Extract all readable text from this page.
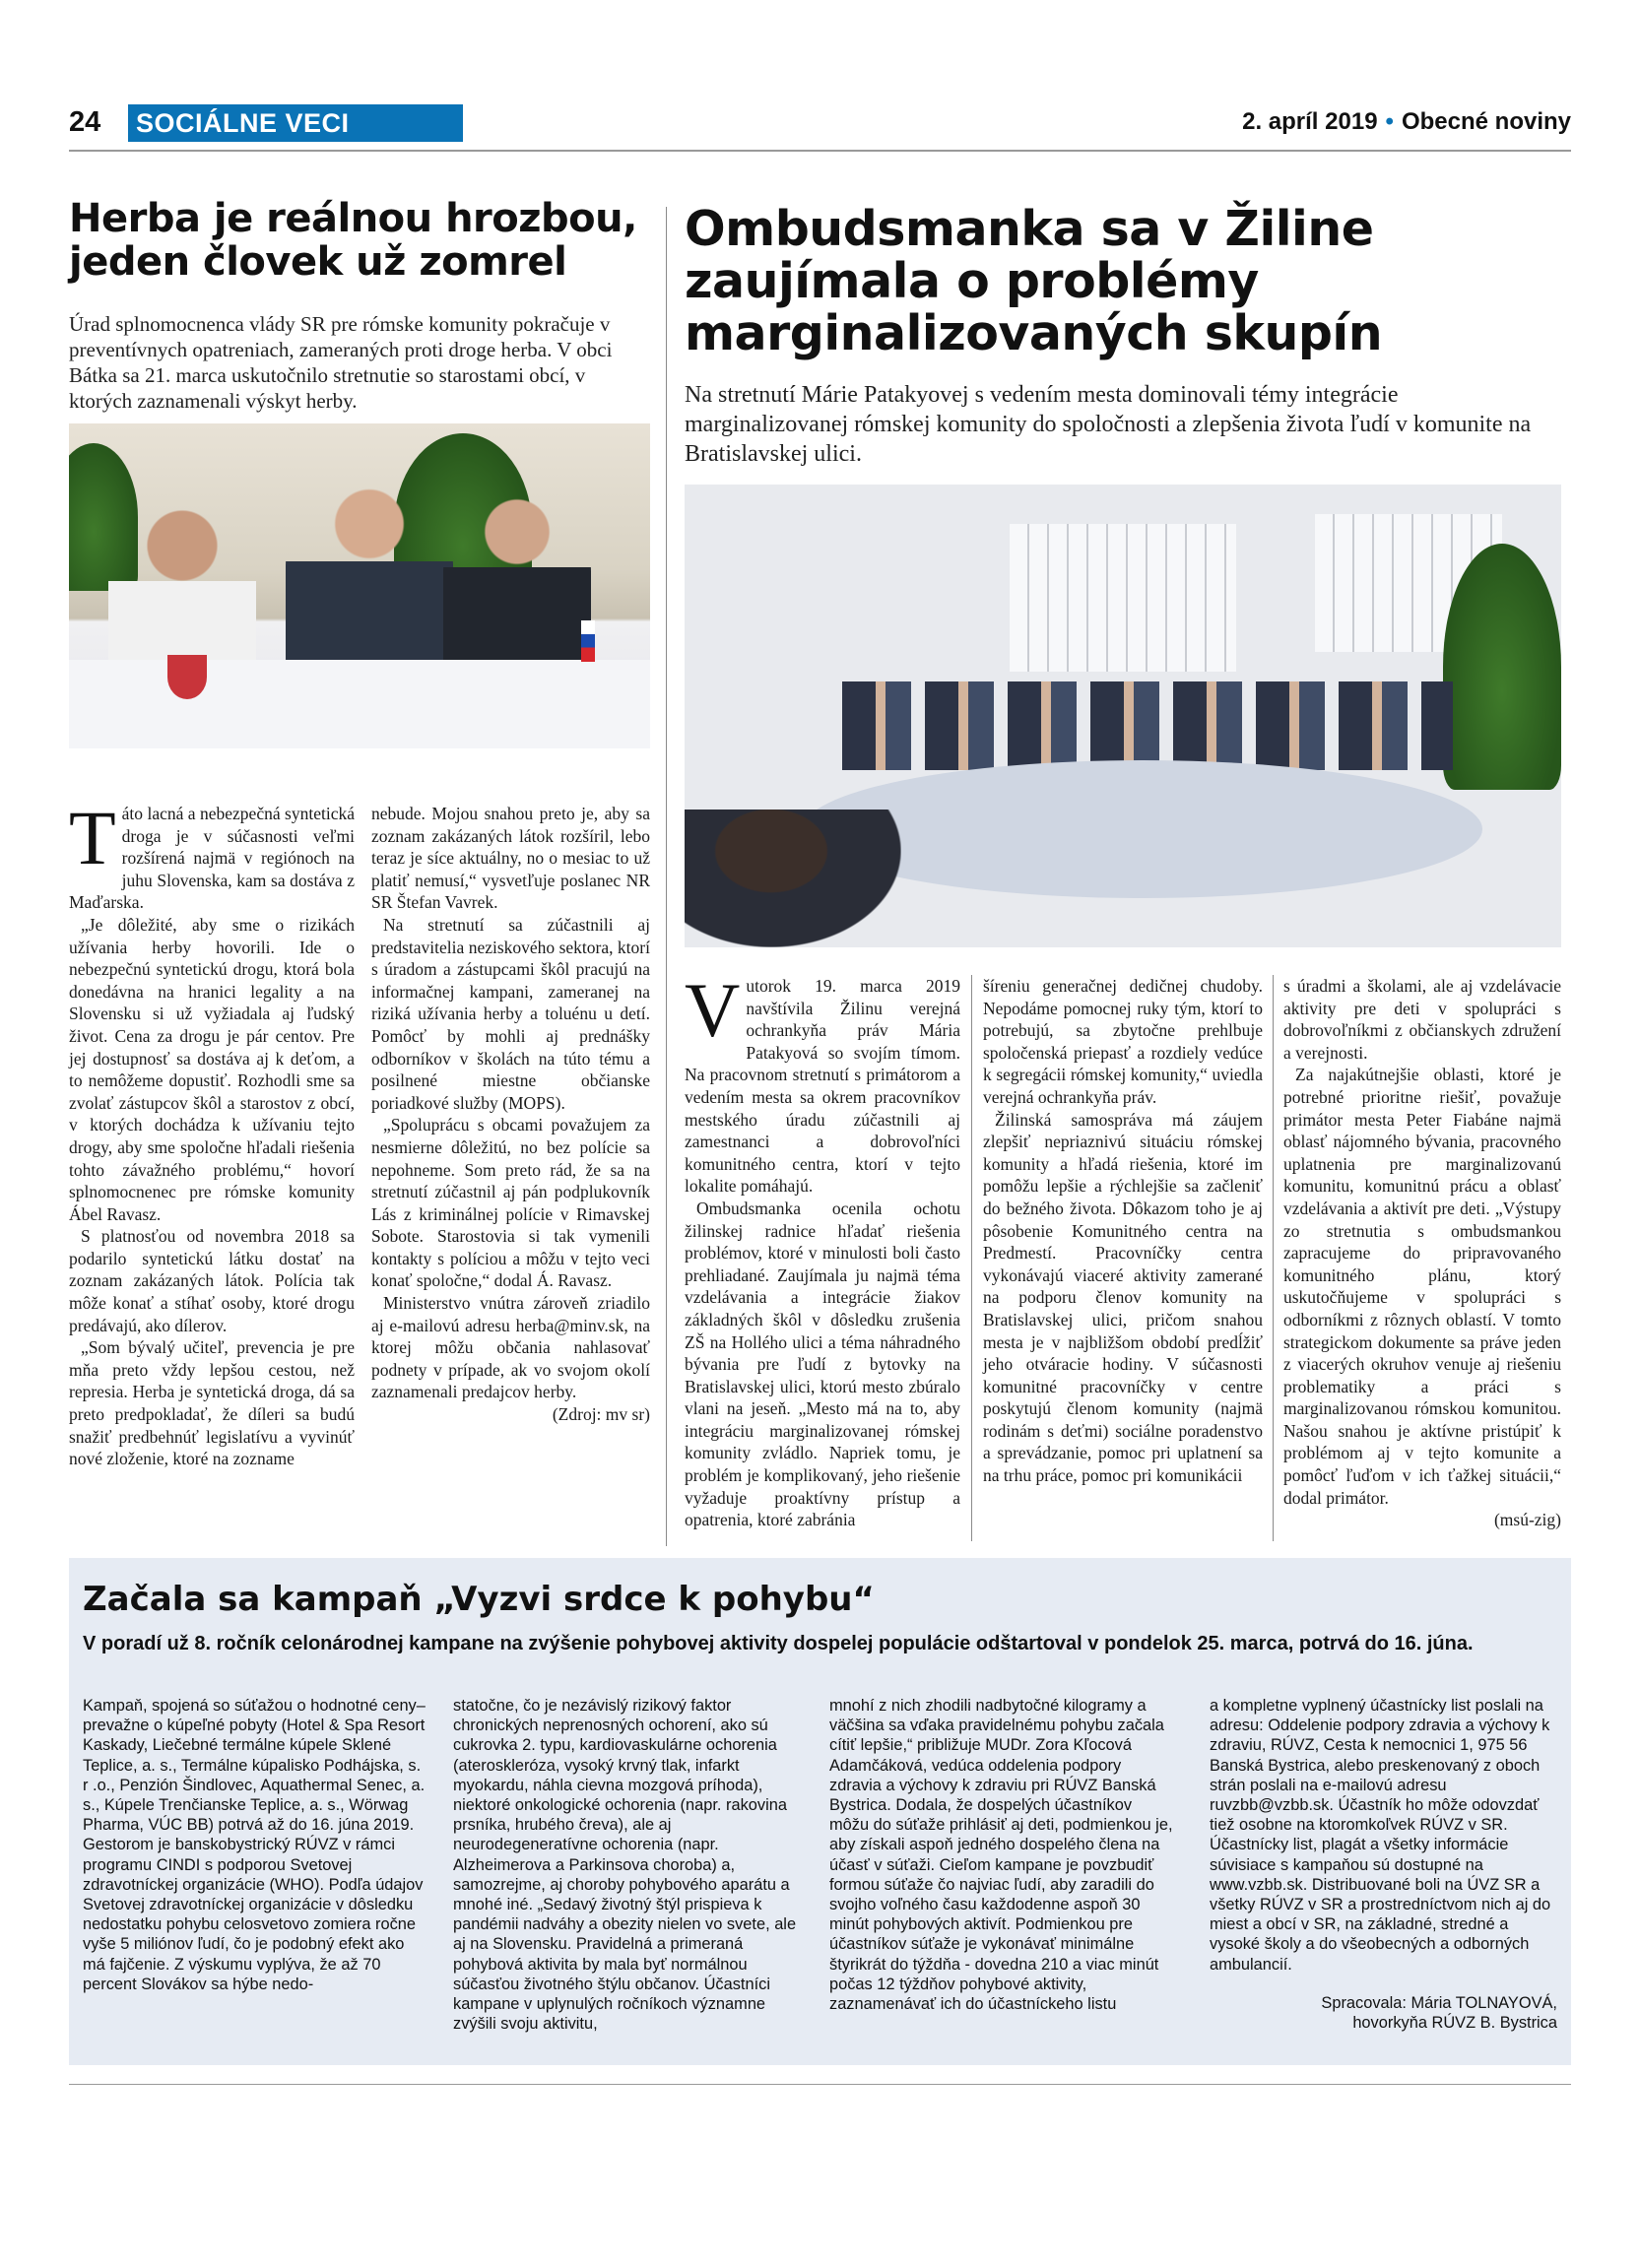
24 SOCIÁLNE VECI	2. apríl 2019 • Obecné noviny
Herba je reálnou hrozbou, jeden človek už zomrel

Úrad splnomocnenca vlády SR pre rómske komunity pokračuje v preventívnych opatreniach, zameraných proti droge herba. V obci Bátka sa 21. marca uskutočnilo stretnutie so starostami obcí, v ktorých zaznamenali výskyt herby.

Táto lacná a nebezpečná syntetická droga je v súčasnosti veľmi rozšírená najmä v regiónoch na juhu Slovenska, kam sa dostáva z Maďarska.

„Je dôležité, aby sme o rizikách užívania herby hovorili. Ide o nebezpečnú syntetickú drogu, ktorá bola donedávna na hranici legality a na Slovensku si už vyžiadala aj ľudský život. Cena za drogu je pár centov. Pre jej dostupnosť sa dostáva aj k deťom, a to nemôžeme dopustiť. Rozhodli sme sa zvolať zástupcov škôl a starostov z obcí, v ktorých dochádza k užívaniu tejto drogy, aby sme spoločne hľadali riešenia tohto závažného problému,“ hovorí splnomocnenec pre rómske komunity Ábel Ravasz.

S platnosťou od novembra 2018 sa podarilo syntetickú látku dostať na zoznam zakázaných látok. Polícia tak môže konať a stíhať osoby, ktoré drogu predávajú, ako dílerov.

„Som bývalý učiteľ, prevencia je pre mňa preto vždy lepšou cestou, než represia. Herba je syntetická droga, dá sa preto predpokladať, že díleri sa budú snažiť predbehnúť legislatívu a vyvinúť nové zloženie, ktoré na zozname

nebude. Mojou snahou preto je, aby sa zoznam zakázaných látok rozšíril, lebo teraz je síce aktuálny, no o mesiac to už platiť nemusí,“ vysvetľuje poslanec NR SR Štefan Vavrek.

Na stretnutí sa zúčastnili aj predstavitelia neziskového sektora, ktorí s úradom a zástupcami škôl pracujú na informačnej kampani, zameranej na riziká užívania herby a toluénu u detí. Pomôcť by mohli aj prednášky odborníkov v školách na túto tému a posilnené miestne občianske poriadkové služby (MOPS).

„Spoluprácu s obcami považujem za nesmierne dôležitú, no bez polície sa nepohneme. Som preto rád, že sa na stretnutí zúčastnil aj pán podplukovník Lás z kriminálnej polície v Rimavskej Sobote. Starostovia si tak vymenili kontakty s políciou a môžu v tejto veci konať spoločne,“ dodal Á. Ravasz.

Ministerstvo vnútra zároveň zriadilo aj e-mailovú adresu herba@minv.sk, na ktorej môžu občania nahlasovať podnety v prípade, ak vo svojom okolí zaznamenali predajcov herby.

(Zdroj: mv sr)
Ombudsmanka sa v Žiline zaujímala o problémy marginalizovaných skupín

Na stretnutí Márie Patakyovej s vedením mesta dominovali témy integrácie marginalizovanej rómskej komunity do spoločnosti a zlepšenia života ľudí v komunite na Bratislavskej ulici.

Vutorok 19. marca 2019 navštívila Žilinu verejná ochrankyňa práv Mária Patakyová so svojím tímom. Na pracovnom stretnutí s primátorom a vedením mesta sa okrem pracovníkov mestského úradu zúčastnili aj zamestnanci a dobrovoľníci komunitného centra, ktorí v tejto lokalite pomáhajú.

Ombudsmanka ocenila ochotu žilinskej radnice hľadať riešenia problémov, ktoré v minulosti boli často prehliadané. Zaujímala ju najmä téma vzdelávania a integrácie žiakov základných škôl v dôsledku zrušenia ZŠ na Hollého ulici a téma náhradného bývania pre ľudí z bytovky na Bratislavskej ulici, ktorú mesto zbúralo vlani na jeseň. „Mesto má na to, aby integráciu marginalizovanej rómskej komunity zvládlo. Napriek tomu, je problém je komplikovaný, jeho riešenie vyžaduje proaktívny prístup a opatrenia, ktoré zabránia

šíreniu generačnej dedičnej chudoby. Nepodáme pomocnej ruky tým, ktorí to potrebujú, sa zbytočne prehlbuje spoločenská priepasť a rozdiely vedúce k segregácii rómskej komunity,“ uviedla verejná ochrankyňa práv.

Žilinská samospráva má záujem zlepšiť nepriaznivú situáciu rómskej komunity a hľadá riešenia, ktoré im pomôžu lepšie a rýchlejšie sa začleniť do bežného života. Dôkazom toho je aj pôsobenie Komunitného centra na Predmestí. Pracovníčky centra vykonávajú viaceré aktivity zamerané na podporu členov komunity na Bratislavskej ulici, pričom snahou mesta je v najbližšom období predĺžiť jeho otváracie hodiny. V súčasnosti komunitné pracovníčky v centre poskytujú členom komunity (najmä rodinám s deťmi) sociálne poradenstvo a sprevádzanie, pomoc pri uplatnení sa na trhu práce, pomoc pri komunikácii

s úradmi a školami, ale aj vzdelávacie aktivity pre deti v spolupráci s dobrovoľníkmi z občianskych združení a verejnosti.

Za najakútnejšie oblasti, ktoré je potrebné prioritne riešiť, považuje primátor mesta Peter Fiabáne najmä oblasť nájomného bývania, pracovného uplatnenia pre marginalizovanú komunitu, komunitnú prácu a oblasť vzdelávania a aktivít pre deti. „Výstupy zo stretnutia s ombudsmankou zapracujeme do pripravovaného komunitného plánu, ktorý uskutočňujeme v spolupráci s odborníkmi z rôznych oblastí. V tomto strategickom dokumente sa práve jeden z viacerých okruhov venuje aj riešeniu problematiky a práci s marginalizovanou rómskou komunitou. Našou snahou je aktívne pristúpiť k problémom aj v tejto komunite a pomôcť ľuďom v ich ťažkej situácii,“ dodal primátor.

(msú-zig)
Začala sa kampaň „Vyzvi srdce k pohybu“

V poradí už 8. ročník celonárodnej kampane na zvýšenie pohybovej aktivity dospelej populácie odštartoval v pondelok 25. marca, potrvá do 16. júna.

Kampaň, spojená so súťažou o hodnotné ceny– prevažne o kúpeľné pobyty (Hotel & Spa Resort Kaskady, Liečebné termálne kúpele Sklené Teplice, a. s., Termálne kúpalisko Podhájska, s. r .o., Penzión Šindlovec, Aquathermal Senec, a. s., Kúpele Trenčianske Teplice, a. s., Wörwag Pharma, VÚC BB) potrvá až do 16. júna 2019. Gestorom je banskobystrický RÚVZ v rámci programu CINDI s podporou Svetovej zdravotníckej organizácie (WHO). Podľa údajov Svetovej zdravotníckej organizácie v dôsledku nedostatku pohybu celosvetovo zomiera ročne vyše 5 miliónov ľudí, čo je podobný efekt ako má fajčenie. Z výskumu vyplýva, že až 70 percent Slovákov sa hýbe nedo-
statočne, čo je nezávislý rizikový faktor chronických neprenosných ochorení, ako sú cukrovka 2. typu, kardiovaskulárne ochorenia (ateroskleróza, vysoký krvný tlak, infarkt myokardu, náhla cievna mozgová príhoda), niektoré onkologické ochorenia (napr. rakovina prsníka, hrubého čreva), ale aj neurodegeneratívne ochorenia (napr. Alzheimerova a Parkinsova choroba) a, samozrejme, aj choroby pohybového aparátu a mnohé iné. „Sedavý životný štýl prispieva k pandémii nadváhy a obezity nielen vo svete, ale aj na Slovensku. Pravidelná a primeraná pohybová aktivita by mala byť normálnou súčasťou životného štýlu občanov. Účastníci kampane v uplynulých ročníkoch významne zvýšili svoju aktivitu,
mnohí z nich zhodili nadbytočné kilogramy a väčšina sa vďaka pravidelnému pohybu začala cítiť lepšie,“ približuje MUDr. Zora Kľocová Adamčáková, vedúca oddelenia podpory zdravia a výchovy k zdraviu pri RÚVZ Banská Bystrica. Dodala, že dospelých účastníkov môžu do súťaže prihlásiť aj deti, podmienkou je, aby získali aspoň jedného dospelého člena na účasť v súťaži. Cieľom kampane je povzbudiť formou súťaže čo najviac ľudí, aby zaradili do svojho voľného času každodenne aspoň 30 minút pohybových aktivít. Podmienkou pre účastníkov súťaže je vykonávať minimálne štyrikrát do týždňa - dovedna 210 a viac minút počas 12 týždňov pohybové aktivity, zaznamenávať ich do účastníckeho listu
a kompletne vyplnený účastnícky list poslali na adresu: Oddelenie podpory zdravia a výchovy k zdraviu, RÚVZ, Cesta k nemocnici 1, 975 56 Banská Bystrica, alebo preskenovaný z oboch strán poslali na e-mailovú adresu ruvzbb@vzbb.sk. Účastník ho môže odovzdať tiež osobne na ktoromkoľvek RÚVZ v SR. Účastnícky list, plagát a všetky informácie súvisiace s kampaňou sú dostupné na www.vzbb.sk. Distribuované boli na ÚVZ SR a všetky RÚVZ v SR a prostredníctvom nich aj do miest a obcí v SR, na základné, stredné a vysoké školy a do všeobecných a odborných ambulancií.
Spracovala: Mária TOLNAYOVÁ,
hovorkyňa RÚVZ B. Bystrica
